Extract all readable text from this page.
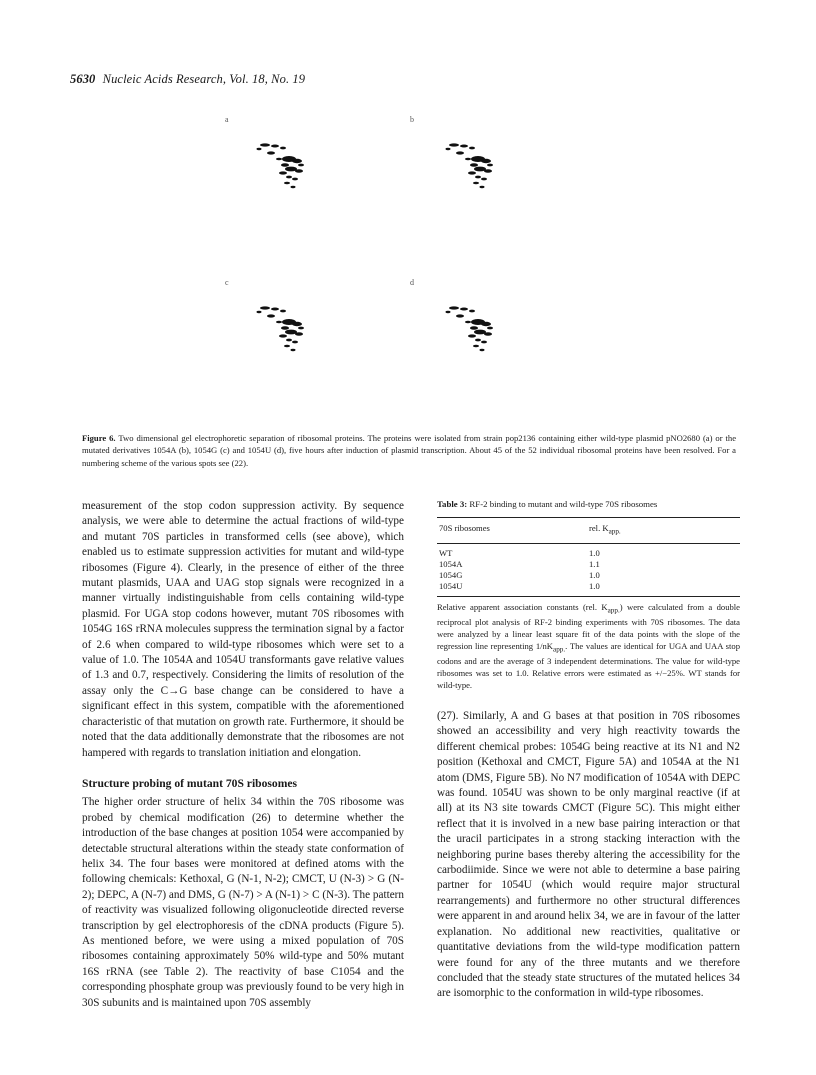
5630 Nucleic Acids Research, Vol. 18, No. 19
a	b
c	d
Figure 6. Two dimensional gel electrophoretic separation of ribosomal proteins. The proteins were isolated from strain pop2136 containing either wild-type plasmid pNO2680 (a) or the mutated derivatives 1054A (b), 1054G (c) and 1054U (d), five hours after induction of plasmid transcription. About 45 of the 52 individual ribosomal proteins have been resolved. For a numbering scheme of the various spots see (22).

measurement of the stop codon suppression activity. By sequence analysis, we were able to determine the actual fractions of wild-type and mutant 70S particles in transformed cells (see above), which enabled us to estimate suppression activities for mutant and wild-type ribosomes (Figure 4). Clearly, in the presence of either of the three mutant plasmids, UAA and UAG stop signals were recognized in a manner virtually indistinguishable from cells containing wild-type plasmid. For UGA stop codons however, mutant 70S ribosomes with 1054G 16S rRNA molecules suppress the termination signal by a factor of 2.6 when compared to wild-type ribosomes which were set to a value of 1.0. The 1054A and 1054U transformants gave relative values of 1.3 and 0.7, respectively. Considering the limits of resolution of the assay only the C→G base change can be considered to have a significant effect in this system, compatible with the aforementioned characteristic of that mutation on growth rate. Furthermore, it should be noted that the data additionally demonstrate that the ribosomes are not hampered with regards to translation initiation and elongation.

Structure probing of mutant 70S ribosomes

The higher order structure of helix 34 within the 70S ribosome was probed by chemical modification (26) to determine whether the introduction of the base changes at position 1054 were accompanied by detectable structural alterations within the steady state conformation of helix 34. The four bases were monitored at defined atoms with the following chemicals: Kethoxal, G (N-1, N-2); CMCT, U (N-3) > G (N-2); DEPC, A (N-7) and DMS, G (N-7) > A (N-1) > C (N-3). The pattern of reactivity was visualized following oligonucleotide directed reverse transcription by gel electrophoresis of the cDNA products (Figure 5). As mentioned before, we were using a mixed population of 70S ribosomes containing approximately 50% wild-type and 50% mutant 16S rRNA (see Table 2). The reactivity of base C1054 and the corresponding phosphate group was previously found to be very high in 30S subunits and is maintained upon 70S assembly

Table 3: RF-2 binding to mutant and wild-type 70S ribosomes
70S ribosomes	rel. $K_{app.}$
WT	1.0
1054A	1.1
1054G	1.0
1054U	1.0
Relative apparent association constants (rel. $K_{app.}$) were calculated from a double reciprocal plot analysis of RF-2 binding experiments with 70S ribosomes. The data were analyzed by a linear least square fit of the data points with the slope of the regression line representing $1/nK_{app.}$. The values are identical for UGA and UAA stop codons and are the average of 3 independent determinations. The value for wild-type ribosomes was set to 1.0. Relative errors were estimated as +/−25%. WT stands for wild-type.

(27). Similarly, A and G bases at that position in 70S ribosomes showed an accessibility and very high reactivity towards the different chemical probes: 1054G being reactive at its N1 and N2 position (Kethoxal and CMCT, Figure 5A) and 1054A at the N1 atom (DMS, Figure 5B). No N7 modification of 1054A with DEPC was found. 1054U was shown to be only marginal reactive (if at all) at its N3 site towards CMCT (Figure 5C). This might either reflect that it is involved in a new base pairing interaction or that the uracil participates in a strong stacking interaction with the neighboring purine bases thereby altering the accessibility for the carbodiimide. Since we were not able to determine a base pairing partner for 1054U (which would require major structural rearrangements) and furthermore no other structural differences were apparent in and around helix 34, we are in favour of the latter explanation. No additional new reactivities, qualitative or quantitative deviations from the wild-type modification pattern were found for any of the three mutants and we therefore concluded that the steady state structures of the mutated helices 34 are isomorphic to the conformation in wild-type ribosomes.
